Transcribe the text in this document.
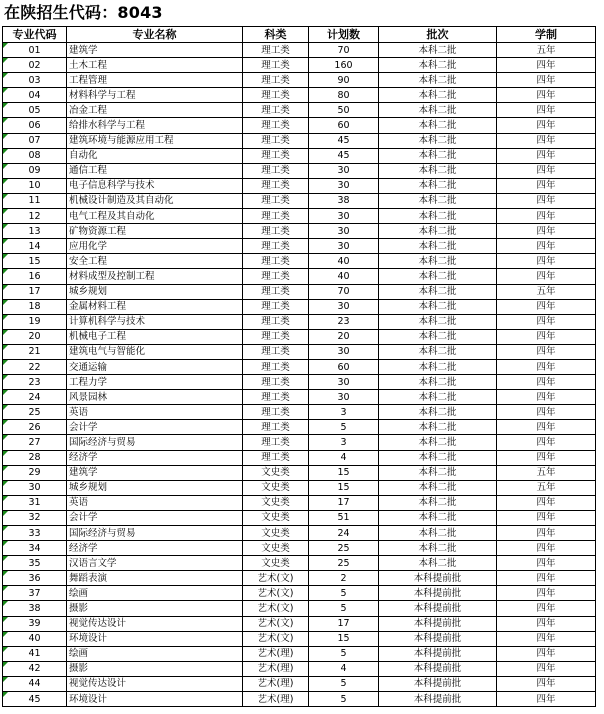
在陕招生代码：8043
专业代码	专业名称	科类	计划数	批次	学制
01	建筑学	理工类	70	本科二批	五年
02	土木工程	理工类	160	本科二批	四年
03	工程管理	理工类	90	本科二批	四年
04	材料科学与工程	理工类	80	本科二批	四年
05	冶金工程	理工类	50	本科二批	四年
06	给排水科学与工程	理工类	60	本科二批	四年
07	建筑环境与能源应用工程	理工类	45	本科二批	四年
08	自动化	理工类	45	本科二批	四年
09	通信工程	理工类	30	本科二批	四年
10	电子信息科学与技术	理工类	30	本科二批	四年
11	机械设计制造及其自动化	理工类	38	本科二批	四年
12	电气工程及其自动化	理工类	30	本科二批	四年
13	矿物资源工程	理工类	30	本科二批	四年
14	应用化学	理工类	30	本科二批	四年
15	安全工程	理工类	40	本科二批	四年
16	材料成型及控制工程	理工类	40	本科二批	四年
17	城乡规划	理工类	70	本科二批	五年
18	金属材料工程	理工类	30	本科二批	四年
19	计算机科学与技术	理工类	23	本科二批	四年
20	机械电子工程	理工类	20	本科二批	四年
21	建筑电气与智能化	理工类	30	本科二批	四年
22	交通运输	理工类	60	本科二批	四年
23	工程力学	理工类	30	本科二批	四年
24	风景园林	理工类	30	本科二批	四年
25	英语	理工类	3	本科二批	四年
26	会计学	理工类	5	本科二批	四年
27	国际经济与贸易	理工类	3	本科二批	四年
28	经济学	理工类	4	本科二批	四年
29	建筑学	文史类	15	本科二批	五年
30	城乡规划	文史类	15	本科二批	五年
31	英语	文史类	17	本科二批	四年
32	会计学	文史类	51	本科二批	四年
33	国际经济与贸易	文史类	24	本科二批	四年
34	经济学	文史类	25	本科二批	四年
35	汉语言文学	文史类	25	本科二批	四年
36	舞蹈表演	艺术(文)	2	本科提前批	四年
37	绘画	艺术(文)	5	本科提前批	四年
38	摄影	艺术(文)	5	本科提前批	四年
39	视觉传达设计	艺术(文)	17	本科提前批	四年
40	环境设计	艺术(文)	15	本科提前批	四年
41	绘画	艺术(理)	5	本科提前批	四年
42	摄影	艺术(理)	4	本科提前批	四年
44	视觉传达设计	艺术(理)	5	本科提前批	四年
45	环境设计	艺术(理)	5	本科提前批	四年
